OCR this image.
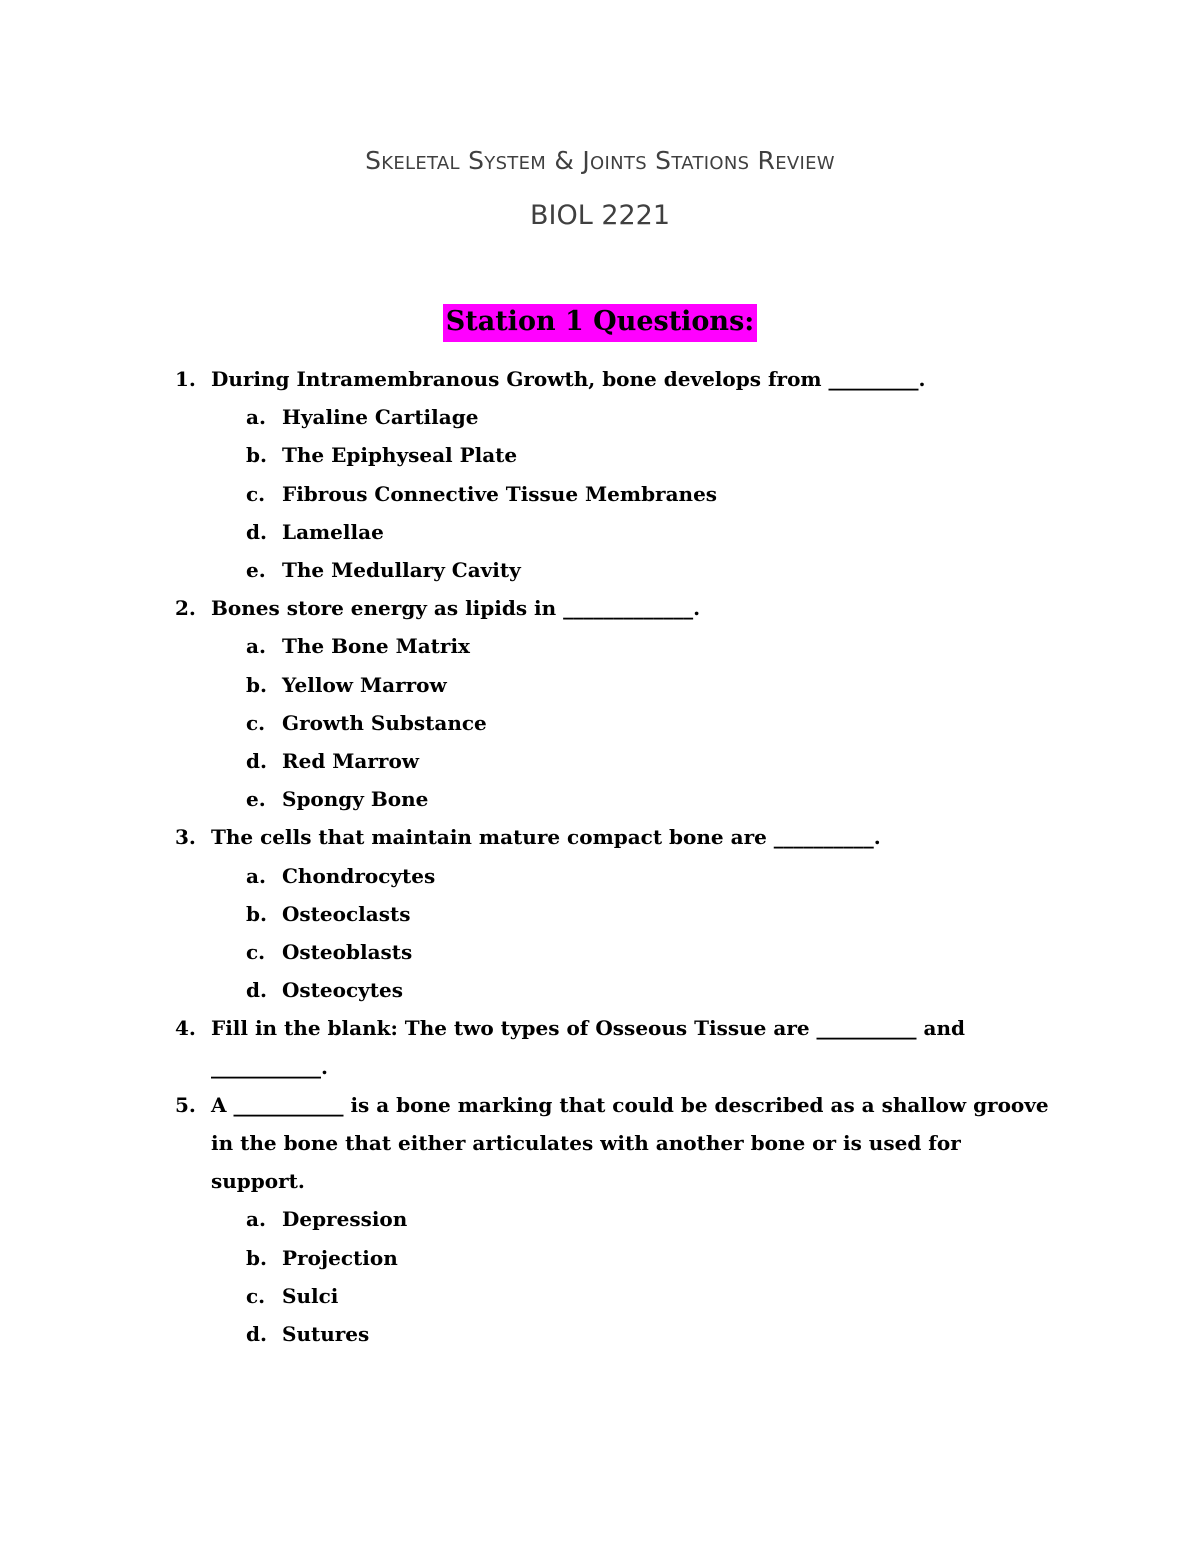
Skeletal System & Joints Stations Review
BIOL 2221
Station 1 Questions:
1. During Intramembranous Growth, bone develops from _________.
a. Hyaline Cartilage
b. The Epiphyseal Plate
c. Fibrous Connective Tissue Membranes
d. Lamellae
e. The Medullary Cavity
2. Bones store energy as lipids in _____________.
a. The Bone Matrix
b. Yellow Marrow
c. Growth Substance
d. Red Marrow
e. Spongy Bone
3. The cells that maintain mature compact bone are __________.
a. Chondrocytes
b. Osteoclasts
c. Osteoblasts
d. Osteocytes
4. Fill in the blank: The two types of Osseous Tissue are __________ and ___________.
5. A ___________ is a bone marking that could be described as a shallow groove in the bone that either articulates with another bone or is used for support.
a. Depression
b. Projection
c. Sulci
d. Sutures
